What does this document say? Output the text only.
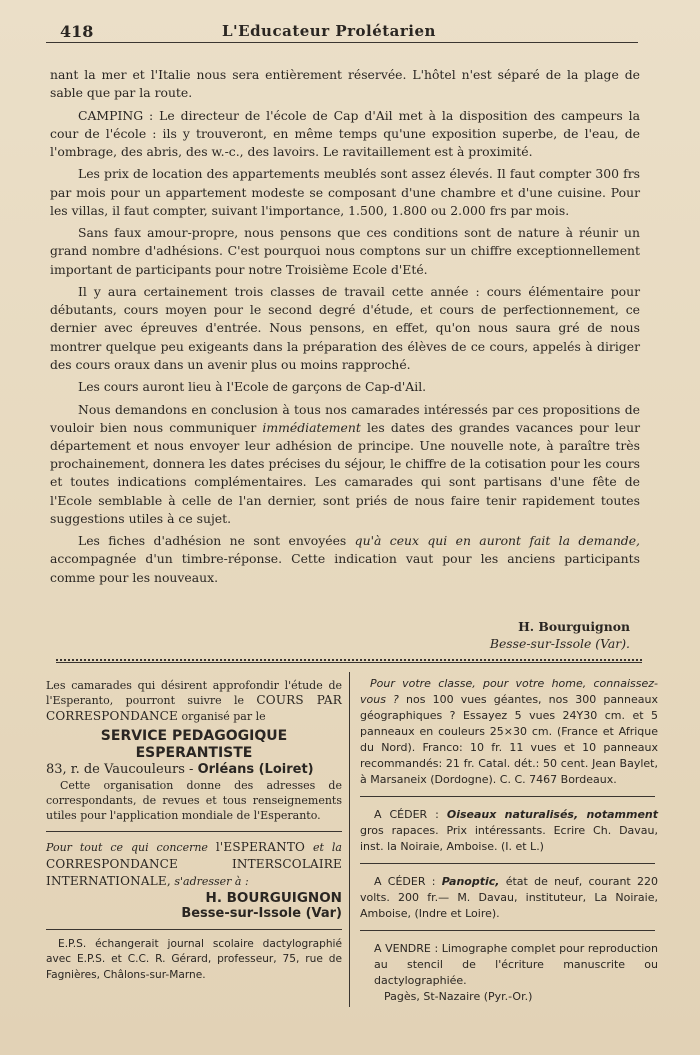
418	L'Educateur Prolétarien

nant la mer et l'Italie nous sera entièrement réservée. L'hôtel n'est séparé de la plage de sable que par la route.

CAMPING : Le directeur de l'école de Cap d'Ail met à la disposition des campeurs la cour de l'école : ils y trouveront, en même temps qu'une exposition superbe, de l'eau, de l'ombrage, des abris, des w.-c., des lavoirs. Le ravitaillement est à proximité.

Les prix de location des appartements meublés sont assez élevés. Il faut compter 300 frs par mois pour un appartement modeste se composant d'une chambre et d'une cuisine. Pour les villas, il faut compter, suivant l'importance, 1.500, 1.800 ou 2.000 frs par mois.

Sans faux amour-propre, nous pensons que ces conditions sont de nature à réunir un grand nombre d'adhésions. C'est pourquoi nous comptons sur un chiffre exceptionnellement important de participants pour notre Troisième Ecole d'Eté.

Il y aura certainement trois classes de travail cette année : cours élémentaire pour débutants, cours moyen pour le second degré d'étude, et cours de perfectionnement, ce dernier avec épreuves d'entrée. Nous pensons, en effet, qu'on nous saura gré de nous montrer quelque peu exigeants dans la préparation des élèves de ce cours, appelés à diriger des cours oraux dans un avenir plus ou moins rapproché.

Les cours auront lieu à l'Ecole de garçons de Cap-d'Ail.

Nous demandons en conclusion à tous nos camarades intéressés par ces propositions de vouloir bien nous communiquer immédiatement les dates des grandes vacances pour leur département et nous envoyer leur adhésion de principe. Une nouvelle note, à paraître très prochainement, donnera les dates précises du séjour, le chiffre de la cotisation pour les cours et toutes indications complémentaires. Les camarades qui sont partisans d'une fête de l'Ecole semblable à celle de l'an dernier, sont priés de nous faire tenir rapidement toutes suggestions utiles à ce sujet.

Les fiches d'adhésion ne sont envoyées qu'à ceux qui en auront fait la demande, accompagnée d'un timbre-réponse. Cette indication vaut pour les anciens participants comme pour les nouveaux.

H. Bourguignon
Besse-sur-Issole (Var).

Les camarades qui désirent approfondir l'étude de l'Esperanto, pourront suivre le COURS PAR CORRESPONDANCE organisé par le

SERVICE PEDAGOGIQUE
ESPERANTISTE

83, r. de Vaucouleurs - Orléans (Loiret)

Cette organisation donne des adresses de correspondants, de revues et tous renseignements utiles pour l'application mondiale de l'Esperanto.

Pour tout ce qui concerne l'ESPERANTO et la CORRESPONDANCE INTERSCOLAIRE INTERNATIONALE, s'adresser à :

H. BOURGUIGNON
Besse-sur-Issole (Var)

E.P.S. échangerait journal scolaire dactylographié avec E.P.S. et C.C. R. Gérard, professeur, 75, rue de Fagnières, Châlons-sur-Marne.

Pour votre classe, pour votre home, connaissez-vous ? nos 100 vues géantes, nos 300 panneaux géographiques ? Essayez 5 vues 24Y30 cm. et 5 panneaux en couleurs 25×30 cm. (France et Afrique du Nord). Franco: 10 fr. 11 vues et 10 panneaux recommandés: 21 fr. Catal. dét.: 50 cent. Jean Baylet, à Marsaneix (Dordogne). C. C. 7467 Bordeaux.

A CÉDER : Oiseaux naturalisés, notamment gros rapaces. Prix intéressants. Ecrire Ch. Davau, inst. la Noiraie, Amboise. (I. et L.)

A CÉDER : Panoptic, état de neuf, courant 220 volts. 200 fr.— M. Davau, instituteur, La Noiraie, Amboise, (Indre et Loire).

A VENDRE : Limographe complet pour reproduction au stencil de l'écriture manuscrite ou dactylographiée.

Pagès, St-Nazaire (Pyr.-Or.)
